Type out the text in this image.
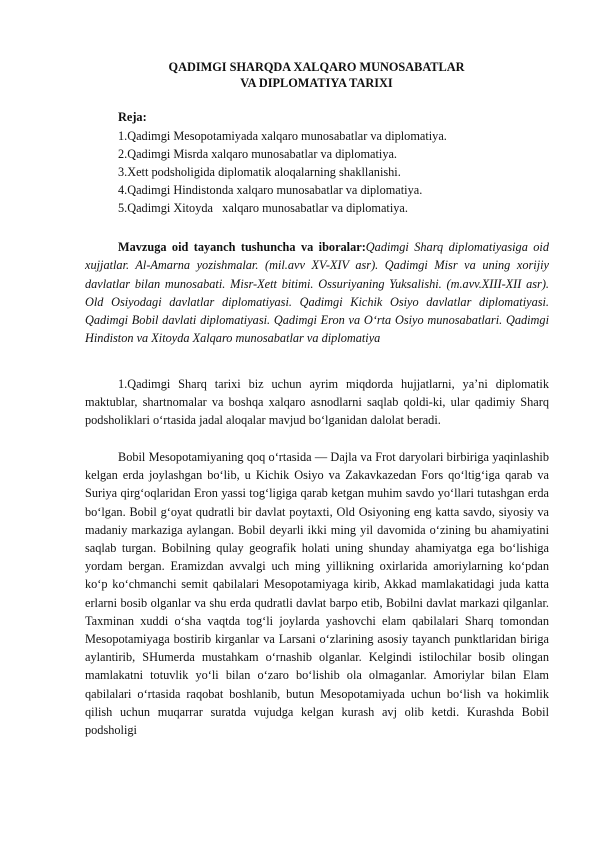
QADIMGI SHARQDA XALQARO MUNOSABATLAR
VA DIPLOMATIYA TARIXI
Reja:
1.Qadimgi Mesopotamiyada xalqaro munosabatlar va diplomatiya.
2.Qadimgi Misrda xalqaro munosabatlar va diplomatiya.
3.Xett podsholigida diplomatik aloqalarning shakllanishi.
4.Qadimgi Hindistonda xalqaro munosabatlar va diplomatiya.
5.Qadimgi Xitoyda   xalqaro munosabatlar va diplomatiya.

Mavzuga oid tayanch tushuncha va iboralar:Qadimgi Sharq diplomatiyasiga oid xujjatlar. Al-Amarna yozishmalar. (mil.avv XV-XIV asr). Qadimgi Misr va uning xorijiy davlatlar bilan munosabati. Misr-Xett bitimi. Ossuriyaning Yuksalishi. (m.avv.XIII-XII asr). Old Osiyodagi davlatlar diplomatiyasi. Qadimgi Kichik Osiyo davlatlar diplomatiyasi. Qadimgi Bobil davlati diplomatiyasi. Qadimgi Eron va O‘rta Osiyo munosabatlari. Qadimgi Hindiston va Xitoyda Xalqaro munosabatlar va diplomatiya

1.Qadimgi Sharq tarixi biz uchun ayrim miqdorda hujjatlarni, ya’ni diplomatik maktublar, shartnomalar va boshqa xalqaro asnodlarni saqlab qoldi-ki, ular qadimiy Sharq podsholiklari o‘rtasida jadal aloqalar mavjud bo‘lganidan dalolat beradi.

Bobil Mesopotamiyaning qoq o‘rtasida — Dajla va Frot daryolari birbiriga yaqinlashib kelgan erda joylashgan bo‘lib, u Kichik Osiyo va Zakavkazedan Fors qo‘ltig‘iga qarab va Suriya qirg‘oqlaridan Eron yassi tog‘ligiga qarab ketgan muhim savdo yo‘llari tutashgan erda bo‘lgan. Bobil g‘oyat qudratli bir davlat poytaxti, Old Osiyoning eng katta savdo, siyosiy va madaniy markaziga aylangan. Bobil deyarli ikki ming yil davomida o‘zining bu ahamiyatini saqlab turgan. Bobilning qulay geografik holati uning shunday ahamiyatga ega bo‘lishiga yordam bergan. Eramizdan avvalgi uch ming yillikning oxirlarida amoriylarning ko‘pdan ko‘p ko‘chmanchi semit qabilalari Mesopotamiyaga kirib, Akkad mamlakatidagi juda katta erlarni bosib olganlar va shu erda qudratli davlat barpo etib, Bobilni davlat markazi qilganlar. Taxminan xuddi o‘sha vaqtda tog‘li joylarda yashovchi elam qabilalari Sharq tomondan Mesopotamiyaga bostirib kirganlar va Larsani o‘zlarining asosiy tayanch punktlaridan biriga aylantirib, SHumerda mustahkam o‘rnashib olganlar. Kelgindi istilochilar bosib olingan mamlakatni totuvlik yo‘li bilan o‘zaro bo‘lishib ola olmaganlar. Amoriylar bilan Elam qabilalari o‘rtasida raqobat boshlanib, butun Mesopotamiyada uchun bo‘lish va hokimlik qilish uchun muqarrar suratda vujudga kelgan kurash avj olib ketdi. Kurashda Bobil podsholigi
